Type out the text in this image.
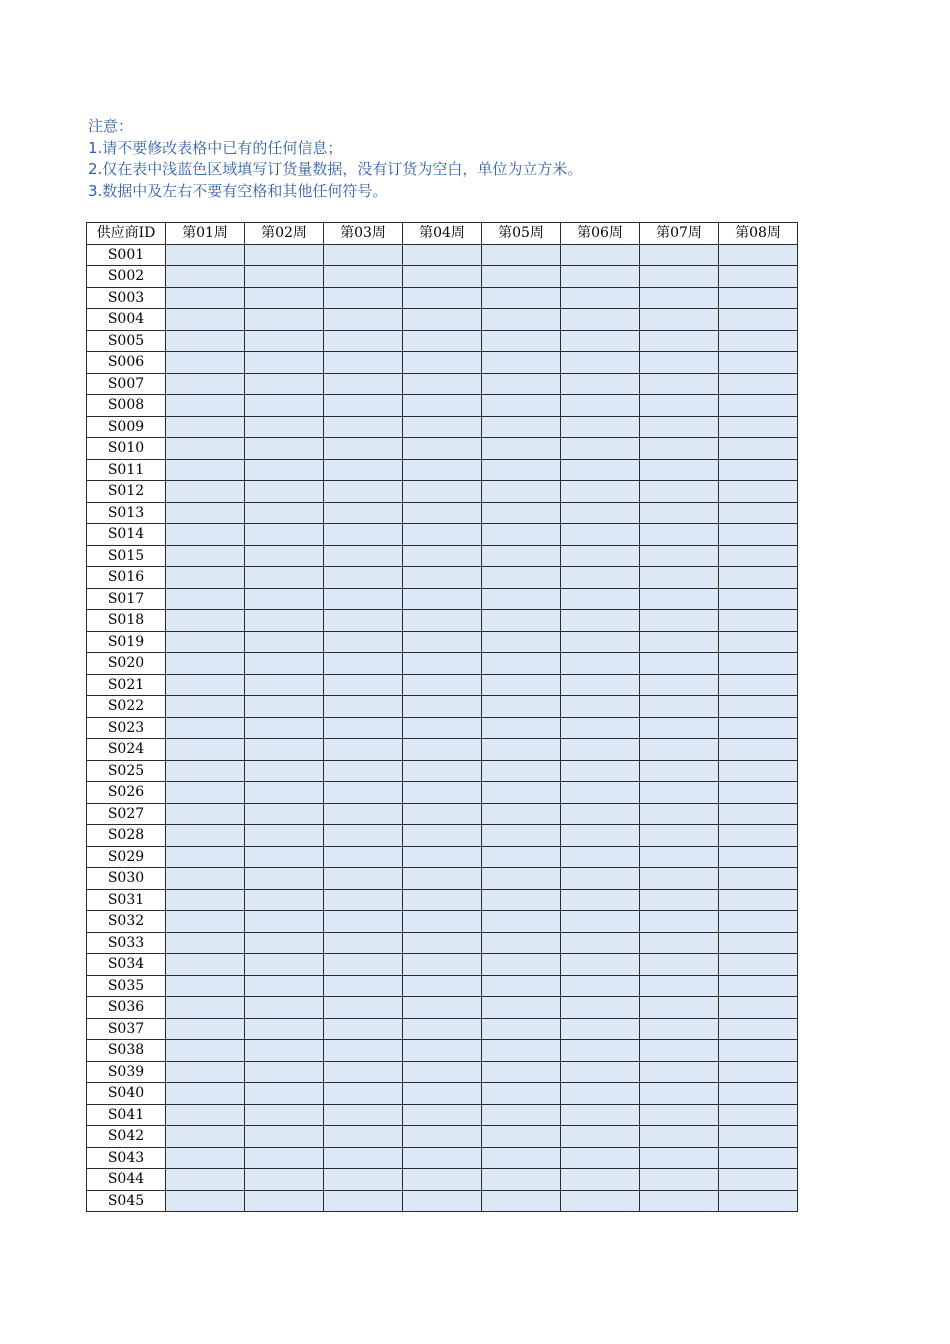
注意：
1.请不要修改表格中已有的任何信息；
2.仅在表中浅蓝色区域填写订货量数据，没有订货为空白，单位为立方米。
3.数据中及左右不要有空格和其他任何符号。
供应商ID	第01周	第02周	第03周	第04周	第05周	第06周	第07周	第08周
S001								
S002								
S003								
S004								
S005								
S006								
S007								
S008								
S009								
S010								
S011								
S012								
S013								
S014								
S015								
S016								
S017								
S018								
S019								
S020								
S021								
S022								
S023								
S024								
S025								
S026								
S027								
S028								
S029								
S030								
S031								
S032								
S033								
S034								
S035								
S036								
S037								
S038								
S039								
S040								
S041								
S042								
S043								
S044								
S045								
